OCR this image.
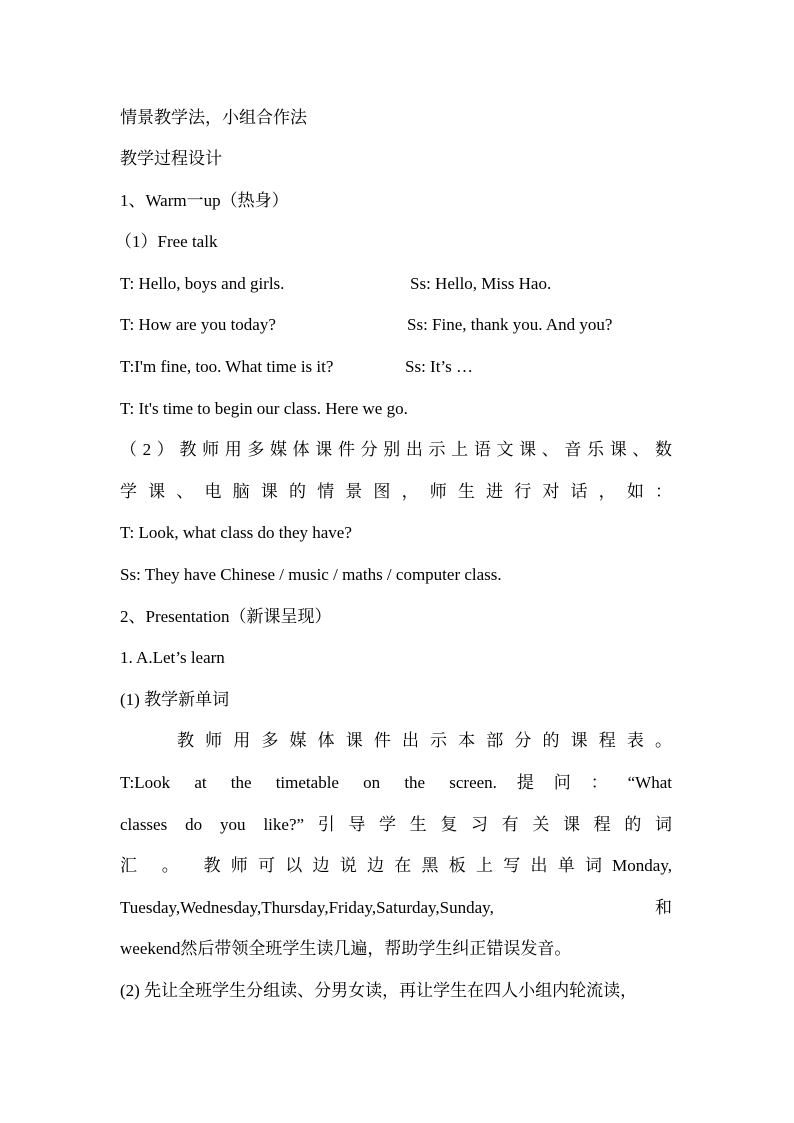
情景教学法，小组合作法
教学过程设计
1、Warm一up（热身）
（1）Free talk
T: Hello, boys and girls.	Ss: Hello, Miss Hao.
T: How are you today?	Ss: Fine, thank you. And you?
T:I'm fine, too. What time is it?	Ss: It’s …
T: It's time to begin our class. Here we go.
（2）教师用多媒体课件分别出示上语文课、音乐课、数
学课、电脑课的情景图，师生进行对话，如：
T: Look, what class do they have?
Ss: They have Chinese / music / maths / computer class.
2、Presentation（新课呈现）
1. A.Let’s learn
(1) 教学新单词
教师用多媒体课件出示本部分的课程表。
T:Look at the timetable on the screen.提问：“What
classes do you like?”引导学生复习有关课程的词
汇 。 教师可以边说边在黑板上写出单词Monday,
Tuesday,Wednesday,Thursday,Friday,Saturday,Sunday,和
weekend然后带领全班学生读几遍，帮助学生纠正错误发音。
(2) 先让全班学生分组读、分男女读，再让学生在四人小组内轮流读，
